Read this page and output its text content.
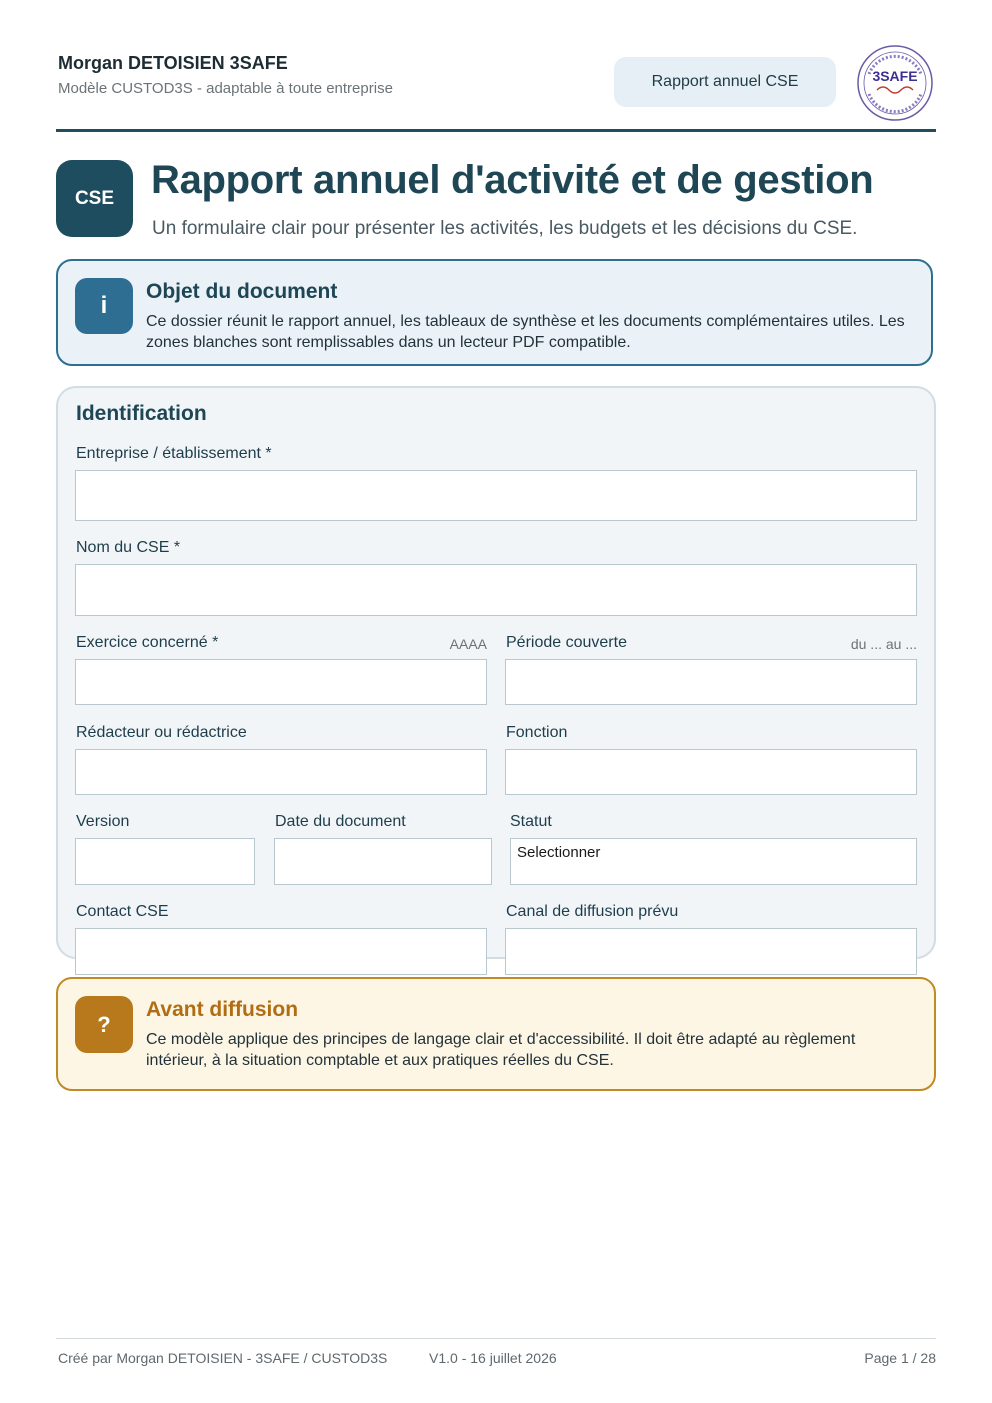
Morgan DETOISIEN 3SAFE
Modèle CUSTOD3S - adaptable à toute entreprise	Rapport annuel CSE	3SAFE
CSE Rapport annuel d'activité et de gestion
Un formulaire clair pour présenter les activités, les budgets et les décisions du CSE.
i
Objet du document
Ce dossier réunit le rapport annuel, les tableaux de synthèse et les documents complémentaires utiles. Les zones blanches sont remplissables dans un lecteur PDF compatible.
Identification
Entreprise / établissement *
Nom du CSE *
Exercice concerné *	AAAA Période couverte	du ... au ...
Rédacteur ou rédactrice	Fonction
Version	Date du document	Statut
Selectionner
Contact CSE	Canal de diffusion prévu
?
Avant diffusion
Ce modèle applique des principes de langage clair et d'accessibilité. Il doit être adapté au règlement intérieur, à la situation comptable et aux pratiques réelles du CSE.
Créé par Morgan DETOISIEN - 3SAFE / CUSTOD3S	V1.0 - 16 juillet 2026	Page 1 / 28
